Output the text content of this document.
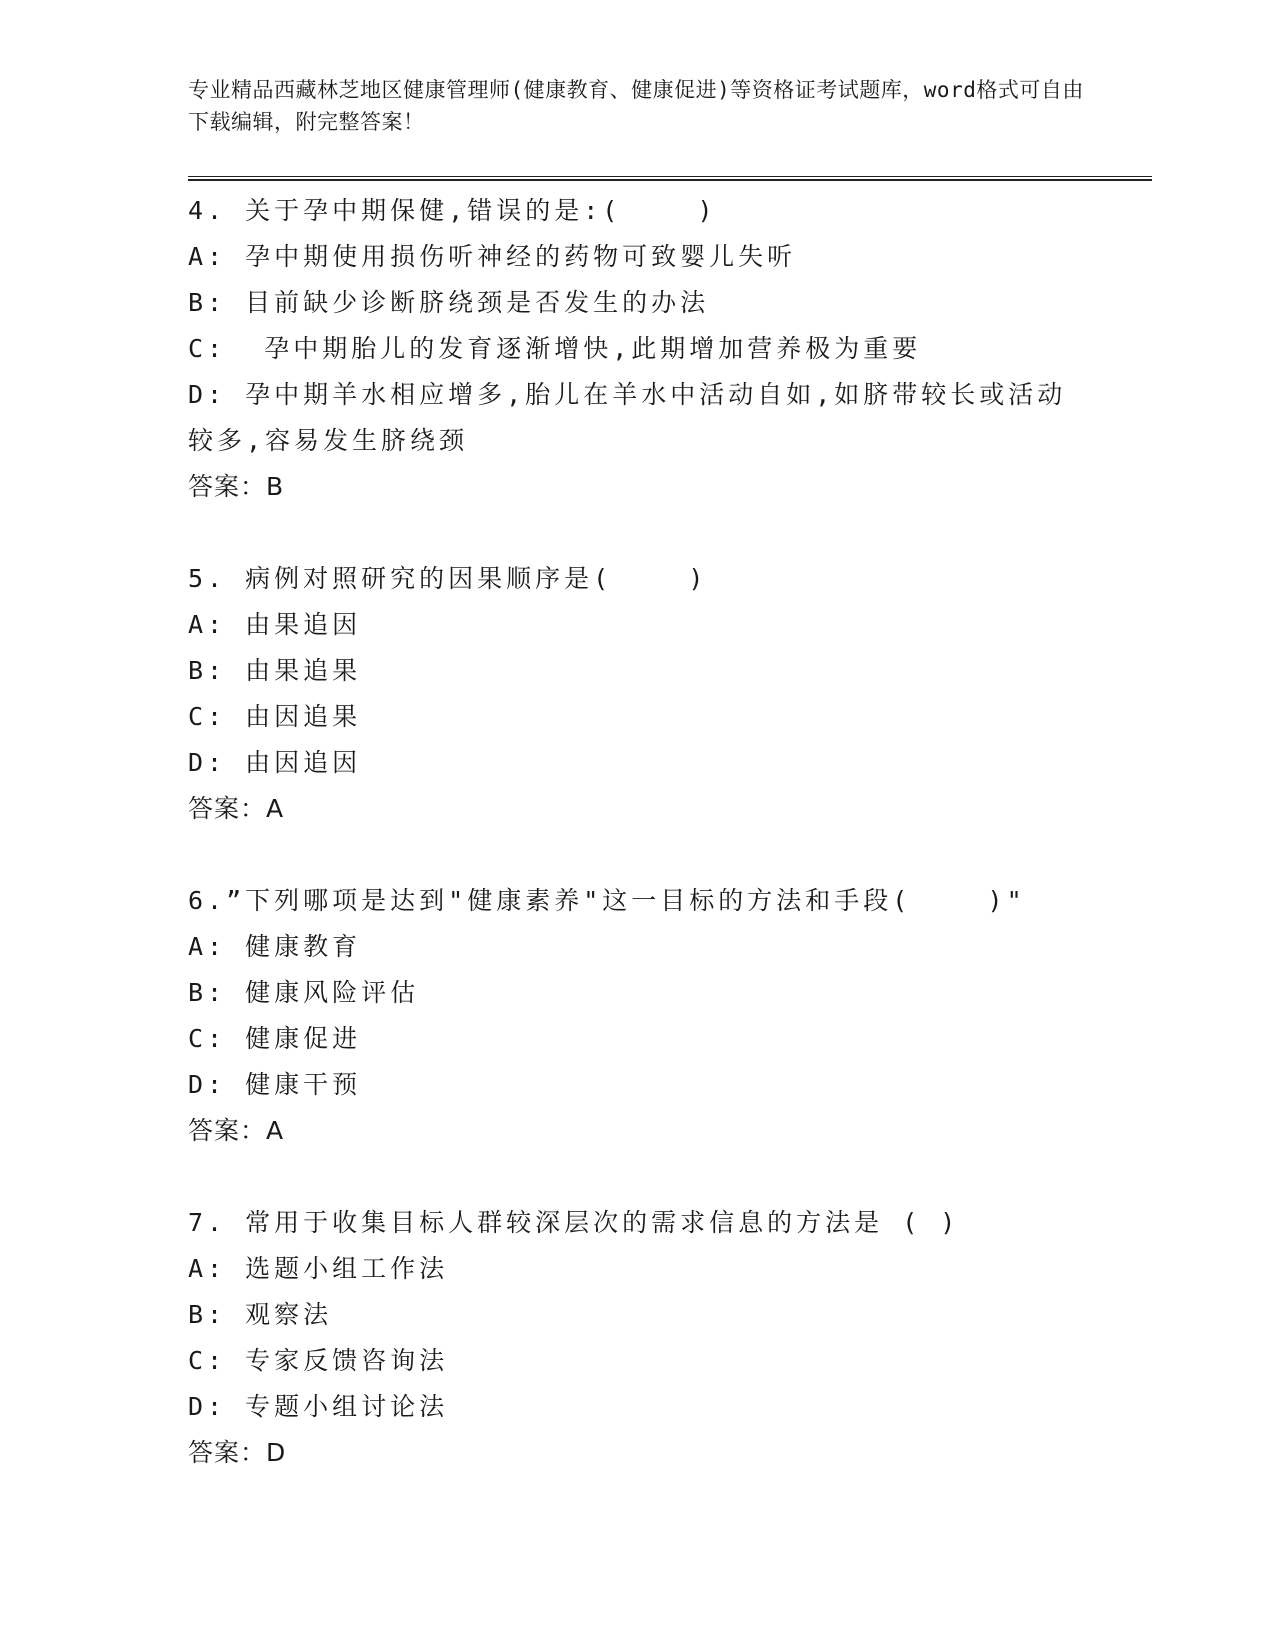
专业精品西藏林芝地区健康管理师(健康教育、健康促进)等资格证考试题库，word格式可自由下载编辑，附完整答案！
4. 关于孕中期保健,错误的是:(    )
A: 孕中期使用损伤听神经的药物可致婴儿失听
B: 目前缺少诊断脐绕颈是否发生的办法
C:  孕中期胎儿的发育逐渐增快,此期增加营养极为重要
D: 孕中期羊水相应增多,胎儿在羊水中活动自如,如脐带较长或活动较多,容易发生脐绕颈
答案：B
5. 病例对照研究的因果顺序是(    )
A: 由果追因
B: 由果追果
C: 由因追果
D: 由因追因
答案：A
6.”下列哪项是达到"健康素养"这一目标的方法和手段(    )"
A: 健康教育
B: 健康风险评估
C: 健康促进
D: 健康干预
答案：A
7. 常用于收集目标人群较深层次的需求信息的方法是 ( )
A: 选题小组工作法
B: 观察法
C: 专家反馈咨询法
D: 专题小组讨论法
答案：D
